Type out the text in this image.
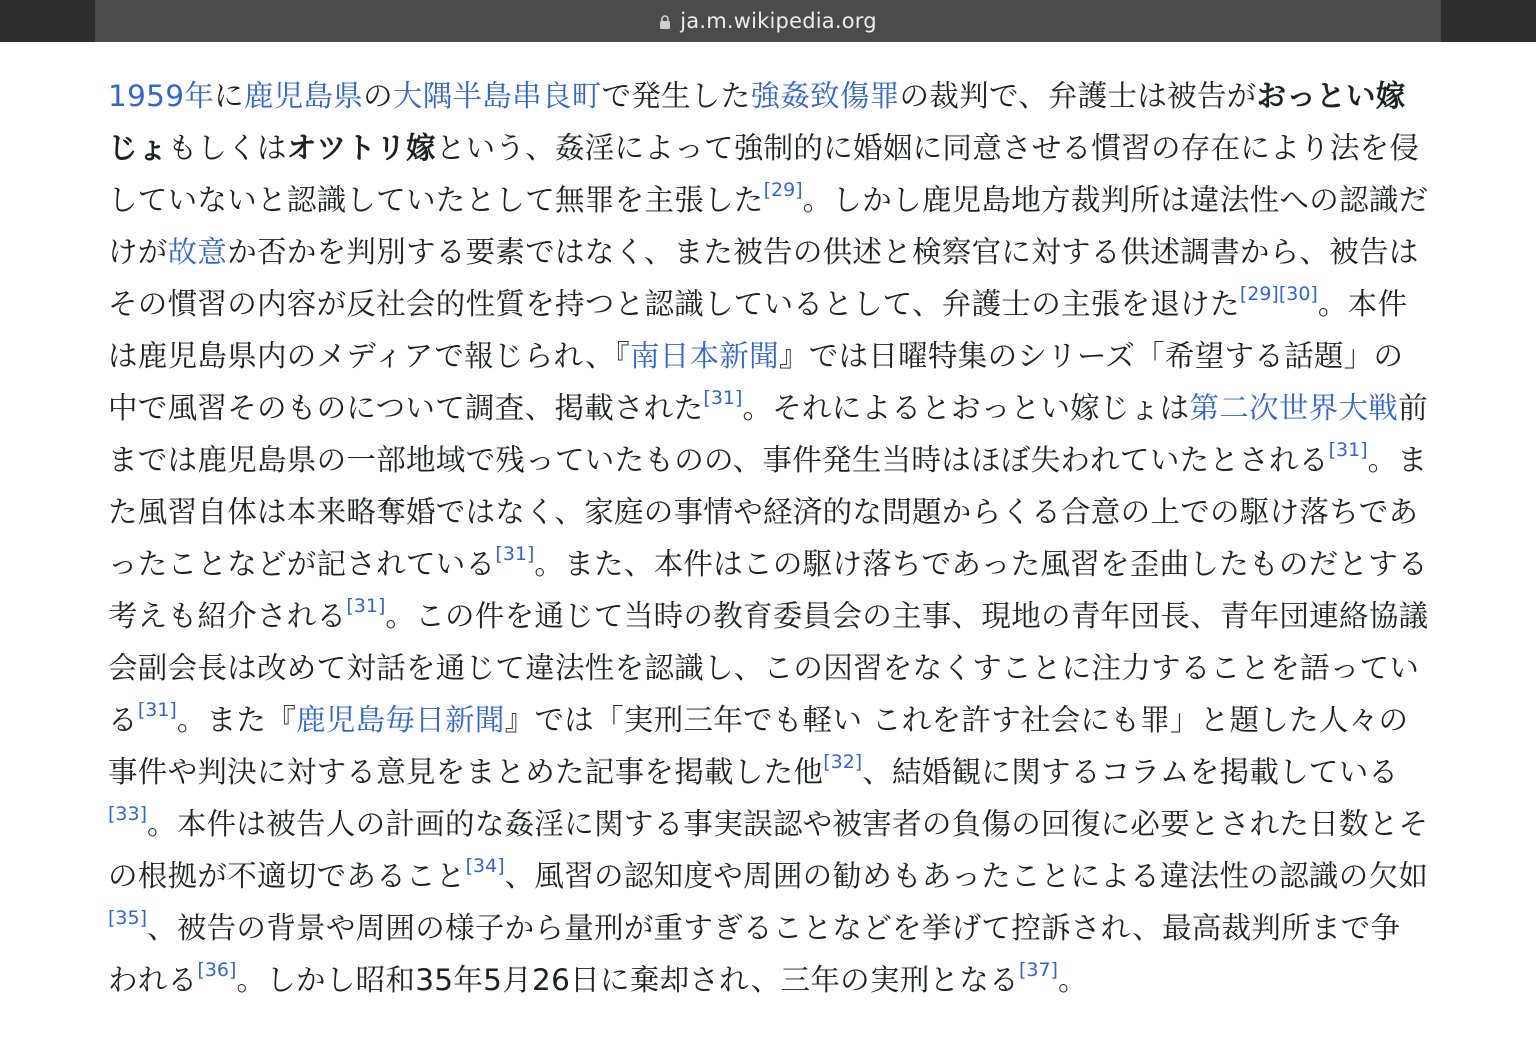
ja.m.wikipedia.org

1959年に鹿児島県の大隅半島串良町で発生した強姦致傷罪の裁判で、弁護士は被告がおっとい嫁じょもしくはオツトリ嫁という、姦淫によって強制的に婚姻に同意させる慣習の存在により法を侵していないと認識していたとして無罪を主張した[29]。しかし鹿児島地方裁判所は違法性への認識だけが故意か否かを判別する要素ではなく、また被告の供述と検察官に対する供述調書から、被告はその慣習の内容が反社会的性質を持つと認識しているとして、弁護士の主張を退けた[29][30]。本件は鹿児島県内のメディアで報じられ、『南日本新聞』では日曜特集のシリーズ「希望する話題」の中で風習そのものについて調査、掲載された[31]。それによるとおっとい嫁じょは第二次世界大戦前までは鹿児島県の一部地域で残っていたものの、事件発生当時はほぼ失われていたとされる[31]。また風習自体は本来略奪婚ではなく、家庭の事情や経済的な問題からくる合意の上での駆け落ちであったことなどが記されている[31]。また、本件はこの駆け落ちであった風習を歪曲したものだとする考えも紹介される[31]。この件を通じて当時の教育委員会の主事、現地の青年団長、青年団連絡協議会副会長は改めて対話を通じて違法性を認識し、この因習をなくすことに注力することを語っている[31]。また『鹿児島毎日新聞』では「実刑三年でも軽い これを許す社会にも罪」と題した人々の事件や判決に対する意見をまとめた記事を掲載した他[32]、結婚観に関するコラムを掲載している[33]。本件は被告人の計画的な姦淫に関する事実誤認や被害者の負傷の回復に必要とされた日数とその根拠が不適切であること[34]、風習の認知度や周囲の勧めもあったことによる違法性の認識の欠如[35]、被告の背景や周囲の様子から量刑が重すぎることなどを挙げて控訴され、最高裁判所まで争われる[36]。しかし昭和35年5月26日に棄却され、三年の実刑となる[37]。
